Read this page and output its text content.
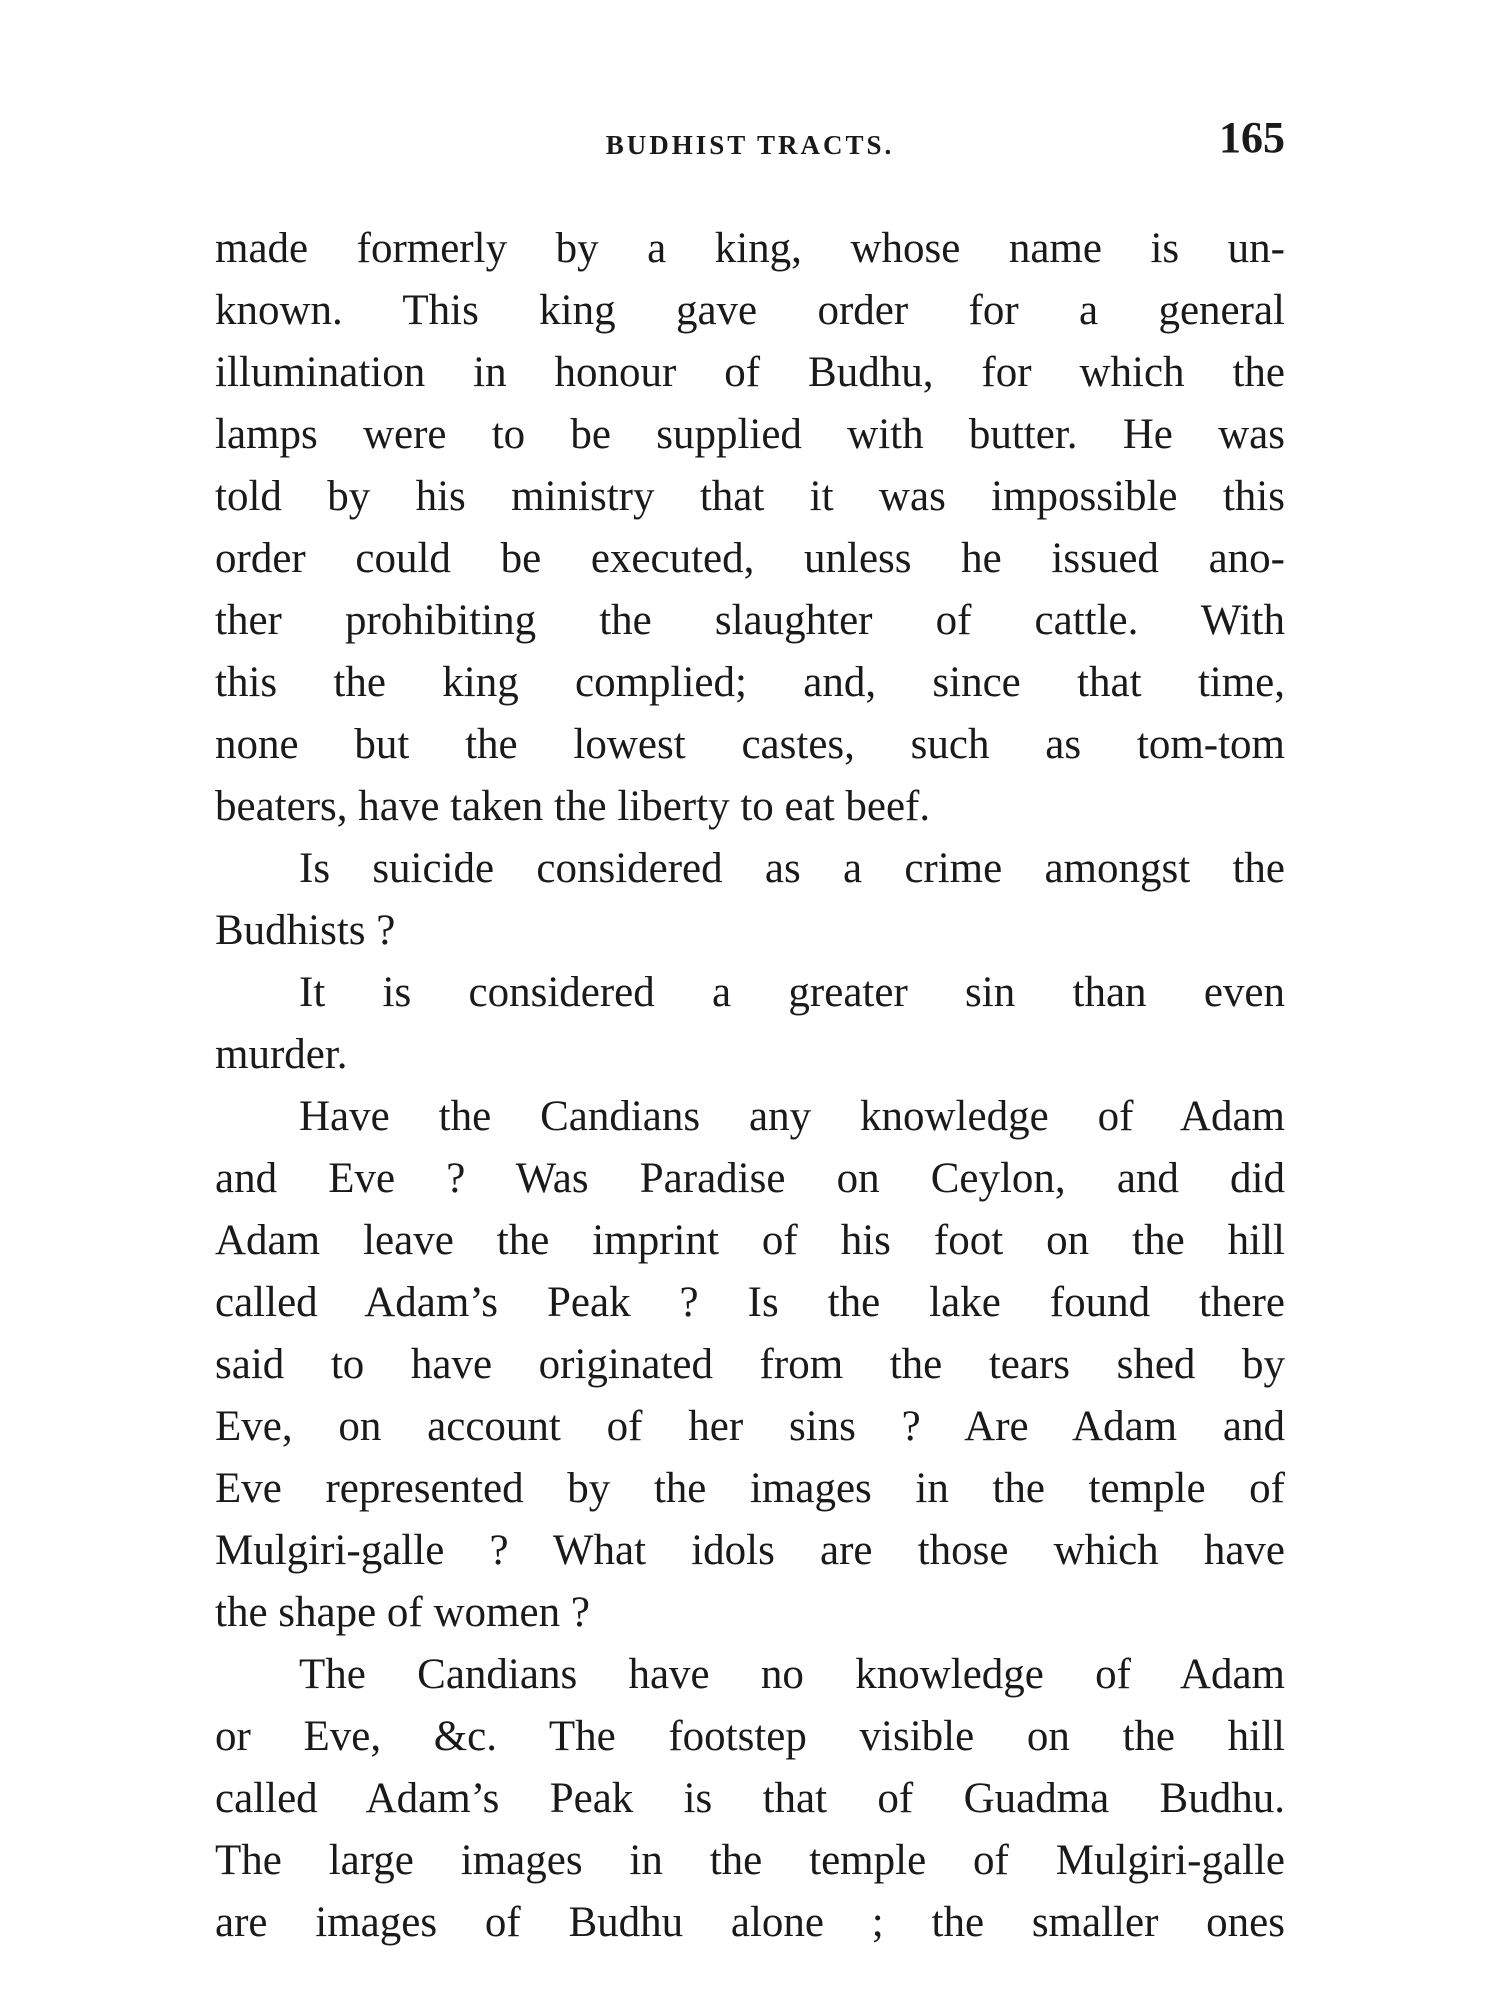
BUDHIST TRACTS.	165
made formerly by a king, whose name is un-
known. This king gave order for a general
illumination in honour of Budhu, for which the
lamps were to be supplied with butter. He was
told by his ministry that it was impossible this
order could be executed, unless he issued ano-
ther prohibiting the slaughter of cattle. With
this the king complied; and, since that time,
none but the lowest castes, such as tom-tom
beaters, have taken the liberty to eat beef.
Is suicide considered as a crime amongst the
Budhists ?
It is considered a greater sin than even
murder.
Have the Candians any knowledge of Adam
and Eve ? Was Paradise on Ceylon, and did
Adam leave the imprint of his foot on the hill
called Adam’s Peak ? Is the lake found there
said to have originated from the tears shed by
Eve, on account of her sins ? Are Adam and
Eve represented by the images in the temple of
Mulgiri-galle ? What idols are those which have
the shape of women ?
The Candians have no knowledge of Adam
or Eve, &c. The footstep visible on the hill
called Adam’s Peak is that of Guadma Budhu.
The large images in the temple of Mulgiri-galle
are images of Budhu alone ; the smaller ones
